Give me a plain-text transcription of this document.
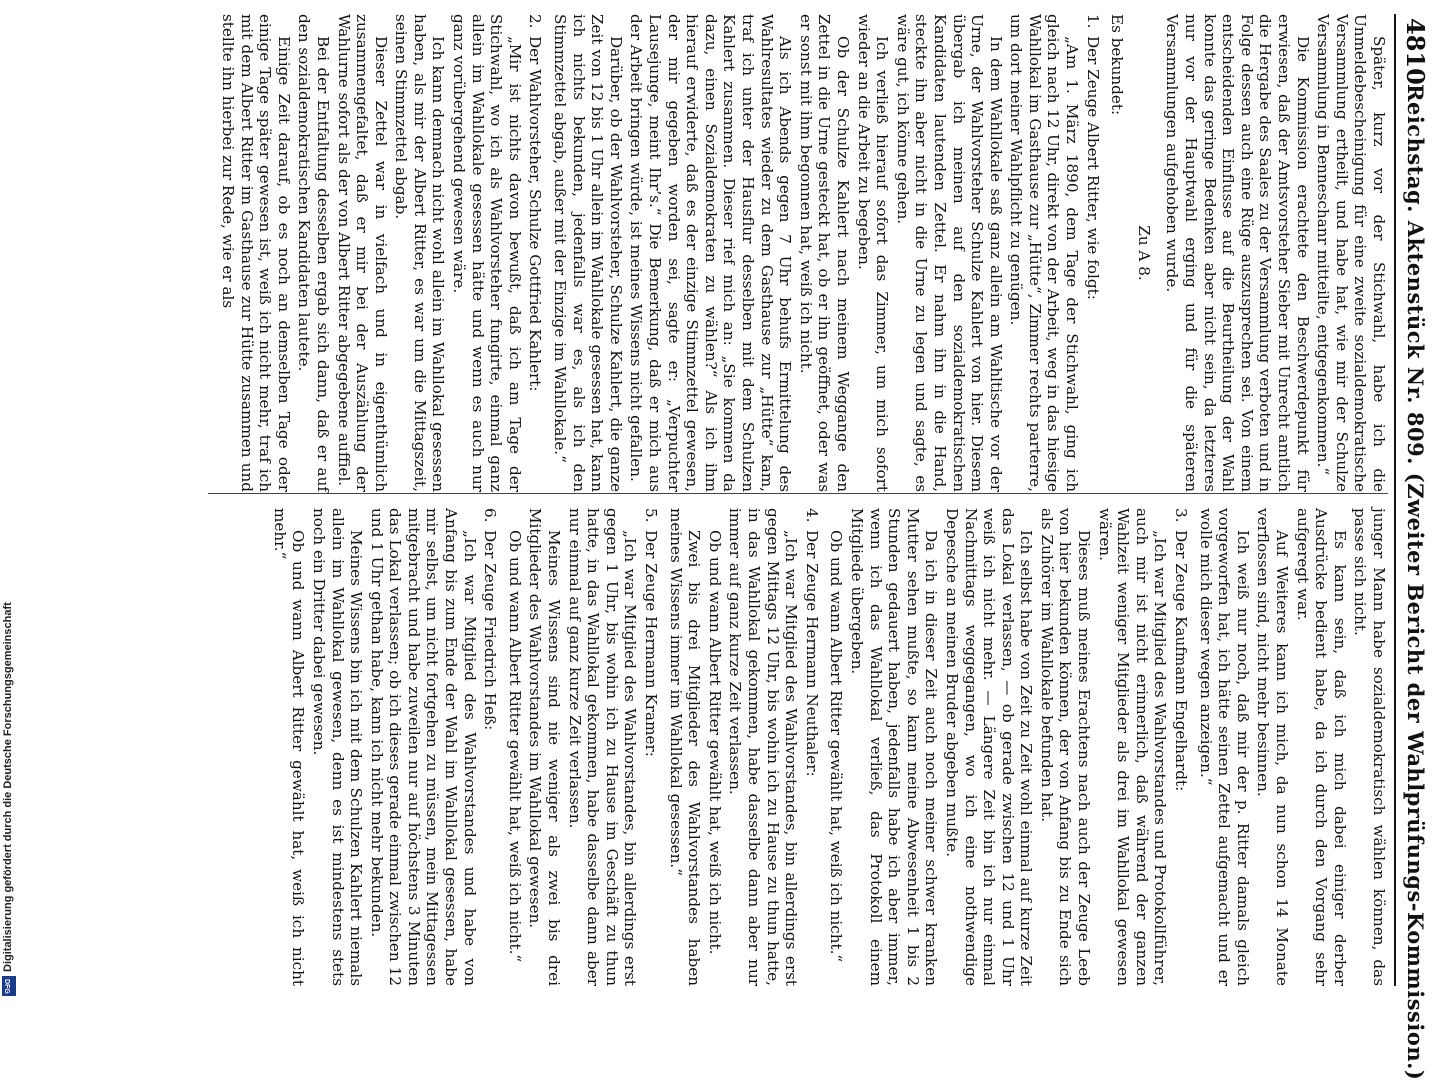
4810
Reichstag. Aktenstück Nr. 809. (Zweiter Bericht der Wahlprüfungs-Kommission.)

Später, kurz vor der Stichwahl, habe ich die Unmeldebescheinigung für eine zweite sozialdemokratische Versammlung ertheilt, und habe hat, wie mir der Schulze Versammlung in Benneschanr mitteilte, entgegenkommen.“

Die Kommission erachtete den Beschwerdepunkt für erwiesen, daß der Amtsvorsteher Sieber mit Unrecht amtlich die Hergabe des Saales zu der Versammlung verboten und in Folge dessen auch eine Rüge auszusprechen sei. Von einem entscheidenden Einflusse auf die Beurtheilung der Wahl konnte das geringe Bedenken aber nicht sein, da letzteres nur vor der Hauptwahl erging und für die späteren Versammlungen aufgehoben wurde.

Zu A 8.

Es bekundet:

1.Der Zeuge Albert Ritter, wie folgt:

„Am 1. März 1890, dem Tage der Stichwahl, ging ich gleich nach 12 Uhr, direkt von der Arbeit, weg in das hiesige Wahllokal im Gasthause zur „Hütte“, Zimmer rechts parterre, um dort meiner Wahlpflicht zu genügen.

In dem Wahllokale saß ganz allein am Wahltische vor der Urne, der Wahlvorsteher Schulze Kahlert von hier. Diesem übergab ich meinen auf den sozialdemokratischen Kandidaten lautenden Zettel. Er nahm ihn in die Hand, steckte ihn aber nicht in die Urne zu legen und sagte, es wäre gut, ich könne gehen.

Ich verließ hierauf sofort das Zimmer, um mich sofort wieder an die Arbeit zu begeben.

Ob der Schulze Kahlert nach meinem Weggange den Zettel in die Urne gesteckt hat, ob er ihn geöffnet, oder was er sonst mit ihm begonnen hat, weiß ich nicht.

Als ich Abends gegen 7 Uhr behufs Ermittelung des Wahlresultates wieder zu dem Gasthause zur „Hütte“ kam, traf ich unter der Hausflur desselben mit dem Schulzen Kahlert zusammen. Dieser rief mich an: „Sie kommen da dazu, einen Sozialdemokraten zu wählen?“ Als ich ihm hierauf erwiderte, daß es der einzige Stimmzettel gewesen, der mir gegeben worden sei, sagte er: „Verpuchter Lausejunge, meint Ihr’s.“ Die Bemerkung, daß er mich aus der Arbeit bringen würde, ist meines Wissens nicht gefallen.

Darüber, ob der Wahlvorsteher, Schulze Kahlert, die ganze Zeit von 12 bis 1 Uhr allein im Wahllokale gesessen hat, kann ich nichts bekunden, jedenfalls war es, als ich den Stimmzettel abgab, außer mit der Einzige im Wahllokale.“

2.Der Wahlvorsteher, Schulze Gottfried Kahlert:

„Mir ist nichts davon bewußt, daß ich am Tage der Stichwahl, wo ich als Wahlvorsteher fungirte, einmal ganz allein im Wahllokale gesessen hätte und wenn es auch nur ganz vorübergehend gewesen wäre.

Ich kann demnach nicht wohl allein im Wahllokal gesessen haben, als mir der Albert Ritter, es war um die Mittagszeit, seinen Stimmzettel abgab.

Dieser Zettel war in vielfach und in eigenthümlich zusammengefaltet, daß er mir bei der Auszählung der Wahlurne sofort als der von Albert Ritter abgegebene auffiel.

Bei der Entfaltung desselben ergab sich dann, daß er auf den sozialdemokratischen Kandidaten lautete.

Einige Zeit darauf, ob es noch an demselben Tage oder einige Tage später gewesen ist, weiß ich nicht mehr, traf ich mit dem Albert Ritter im Gasthause zur Hütte zusammen und stellte ihn hierbei zur Rede, wie er als

junger Mann habe sozialdemokratisch wählen können, das passe sich nicht.

Es kann sein, daß ich mich dabei einiger derber Ausdrücke bedient habe, da ich durch den Vorgang sehr aufgeregt war.

Auf Weiteres kann ich mich, da nun schon 14 Monate verflossen sind, nicht mehr besinnen.

Ich weiß nur noch, daß mir der p. Ritter damals gleich vorgeworfen hat, ich hätte seinen Zettel aufgemacht und er wolle mich dieser wegen anzeigen.“

3.Der Zeuge Kaufmann Engelhardt:

„Ich war Mitglied des Wahlvorstandes und Protokollführer, auch mir ist nicht erinnerlich, daß während der ganzen Wahlzeit weniger Mitglieder als drei im Wahllokal gewesen wären.

Dieses muß meines Erachtens nach auch der Zeuge Leeb von hier bekunden können, der von Anfang bis zu Ende sich als Zuhörer im Wahllokale befunden hat.

Ich selbst habe von Zeit zu Zeit wohl einmal auf kurze Zeit das Lokal verlassen, — ob gerade zwischen 12 und 1 Uhr weiß ich nicht mehr. — Längere Zeit bin ich nur einmal Nachmittags weggegangen, wo ich eine nothwendige Depesche an meinen Bruder abgeben mußte.

Da ich in dieser Zeit auch noch meiner schwer kranken Mutter sehen mußte, so kann meine Abwesenheit 1 bis 2 Stunden gedauert haben, jedenfalls habe ich aber immer, wenn ich das Wahllokal verließ, das Protokoll einem Mitgliede übergeben.

Ob und wann Albert Ritter gewählt hat, weiß ich nicht.“

4.Der Zeuge Hermann Neuthaler:

„Ich war Mitglied des Wahlvorstandes, bin allerdings erst gegen Mittags 12 Uhr, bis wohin ich zu Hause zu thun hatte, in das Wahllokal gekommen, habe dasselbe dann aber nur immer auf ganz kurze Zeit verlassen.

Ob und wann Albert Ritter gewählt hat, weiß ich nicht.

Zwei bis drei Mitglieder des Wahlvorstandes haben meines Wissens immer im Wahllokal gesessen.“

5.Der Zeuge Hermann Kramer:

„Ich war Mitglied des Wahlvorstandes, bin allerdings erst gegen 1 Uhr, bis wohin ich zu Hause im Geschäft zu thun hatte, in das Wahllokal gekommen, habe dasselbe dann aber nur einmal auf ganz kurze Zeit verlassen.

Meines Wissens sind nie weniger als zwei bis drei Mitglieder des Wahlvorstandes im Wahllokal gewesen.

Ob und wann Albert Ritter gewählt hat, weiß ich nicht.“

6.Der Zeuge Friedrich Heß:

„Ich war Mitglied des Wahlvorstandes und habe von Anfang bis zum Ende der Wahl im Wahllokal gesessen, habe mir selbst, um nicht fortgehen zu müssen, mein Mittagessen mitgebracht und habe zuweilen nur auf höchstens 3 Minuten das Lokal verlassen; ob ich dieses gerade einmal zwischen 12 und 1 Uhr gethan habe, kann ich nicht mehr bekunden.

Meines Wissens bin ich mit dem Schulzen Kahlert niemals allein im Wahllokal gewesen, denn es ist mindestens stets noch ein Dritter dabei gewesen.

Ob und wann Albert Ritter gewählt hat, weiß ich nicht mehr.“

Digitalisierung gefördert durch die Deutsche Forschungsgemeinschaft
DFG
